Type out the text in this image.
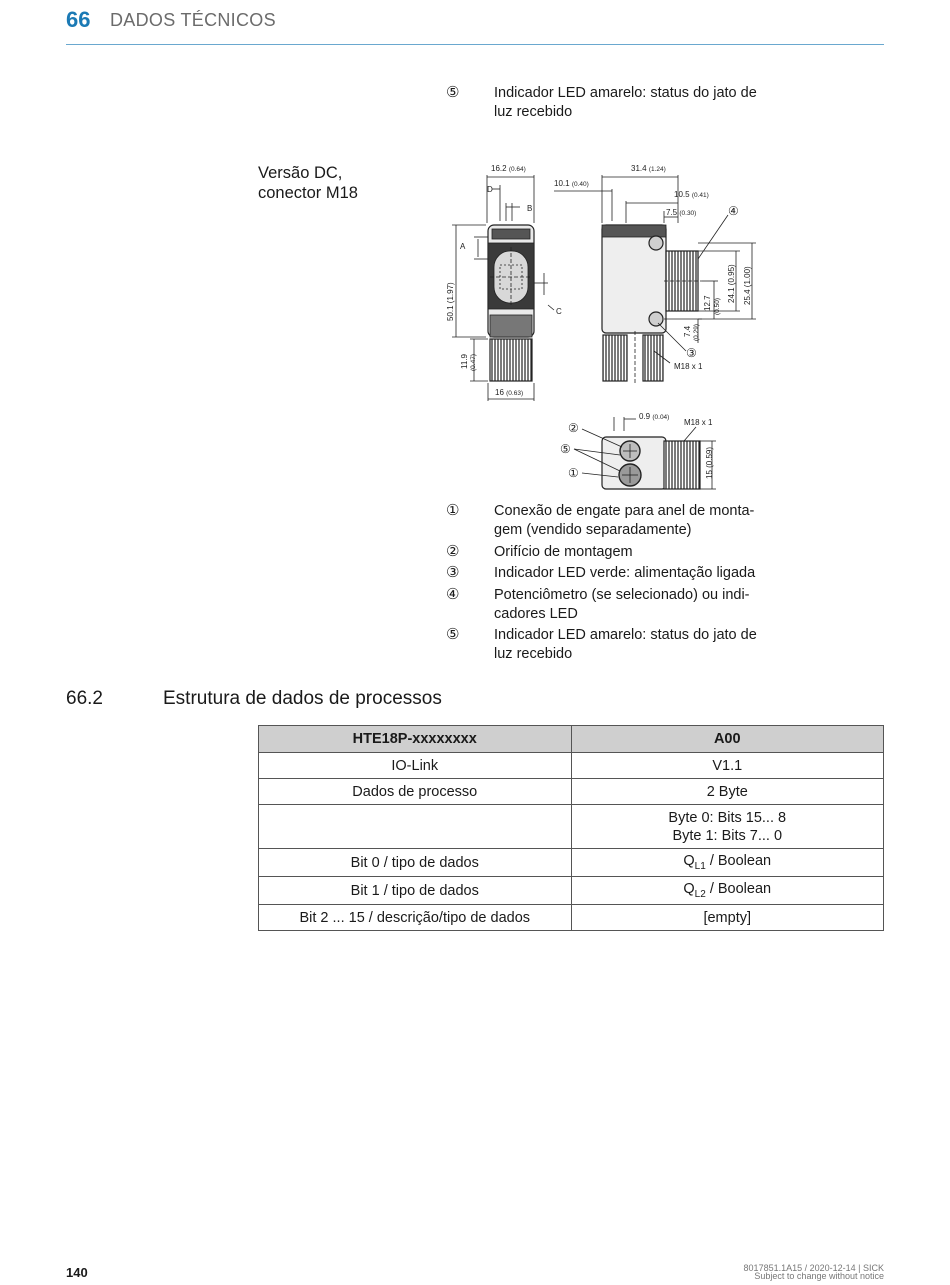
66 DADOS TÉCNICOS
⑤	Indicador LED amarelo: status do jato de luz recebido
Versão DC,
conector M18
16.2 (0.64)
D
B
A
C
50.1 (1.97)
11.9 (0.47)
16 (0.63)
31.4 (1.24)
10.1 (0.40)
10.5 (0.41)
7.5 (0.30)
25.4 (1.00)
24.1 (0.95)
12.7 (0.50)
7.4 (0.29)
M18 x 1
0.9 (0.04)
M18 x 1
15 (0.59)
④
③
②
⑤
①
①	Conexão de engate para anel de monta-gem (vendido separadamente)
②	Orifício de montagem
③	Indicador LED verde: alimentação ligada
④	Potenciômetro (se selecionado) ou indi-cadores LED
⑤	Indicador LED amarelo: status do jato de luz recebido
66.2	Estrutura de dados de processos
HTE18P-xxxxxxxx	A00
IO-Link	V1.1
Dados de processo	2 Byte

	Byte 0: Bits 15... 8
Byte 1: Bits 7... 0

Bit 0 / tipo de dados	$Q_{L1}$ / Boolean
Bit 1 / tipo de dados	$Q_{L2}$ / Boolean
Bit 2 ... 15 / descrição/tipo de dados	[empty]
140	8017851.1A15 / 2020-12-14 | SICK
Subject to change without notice
